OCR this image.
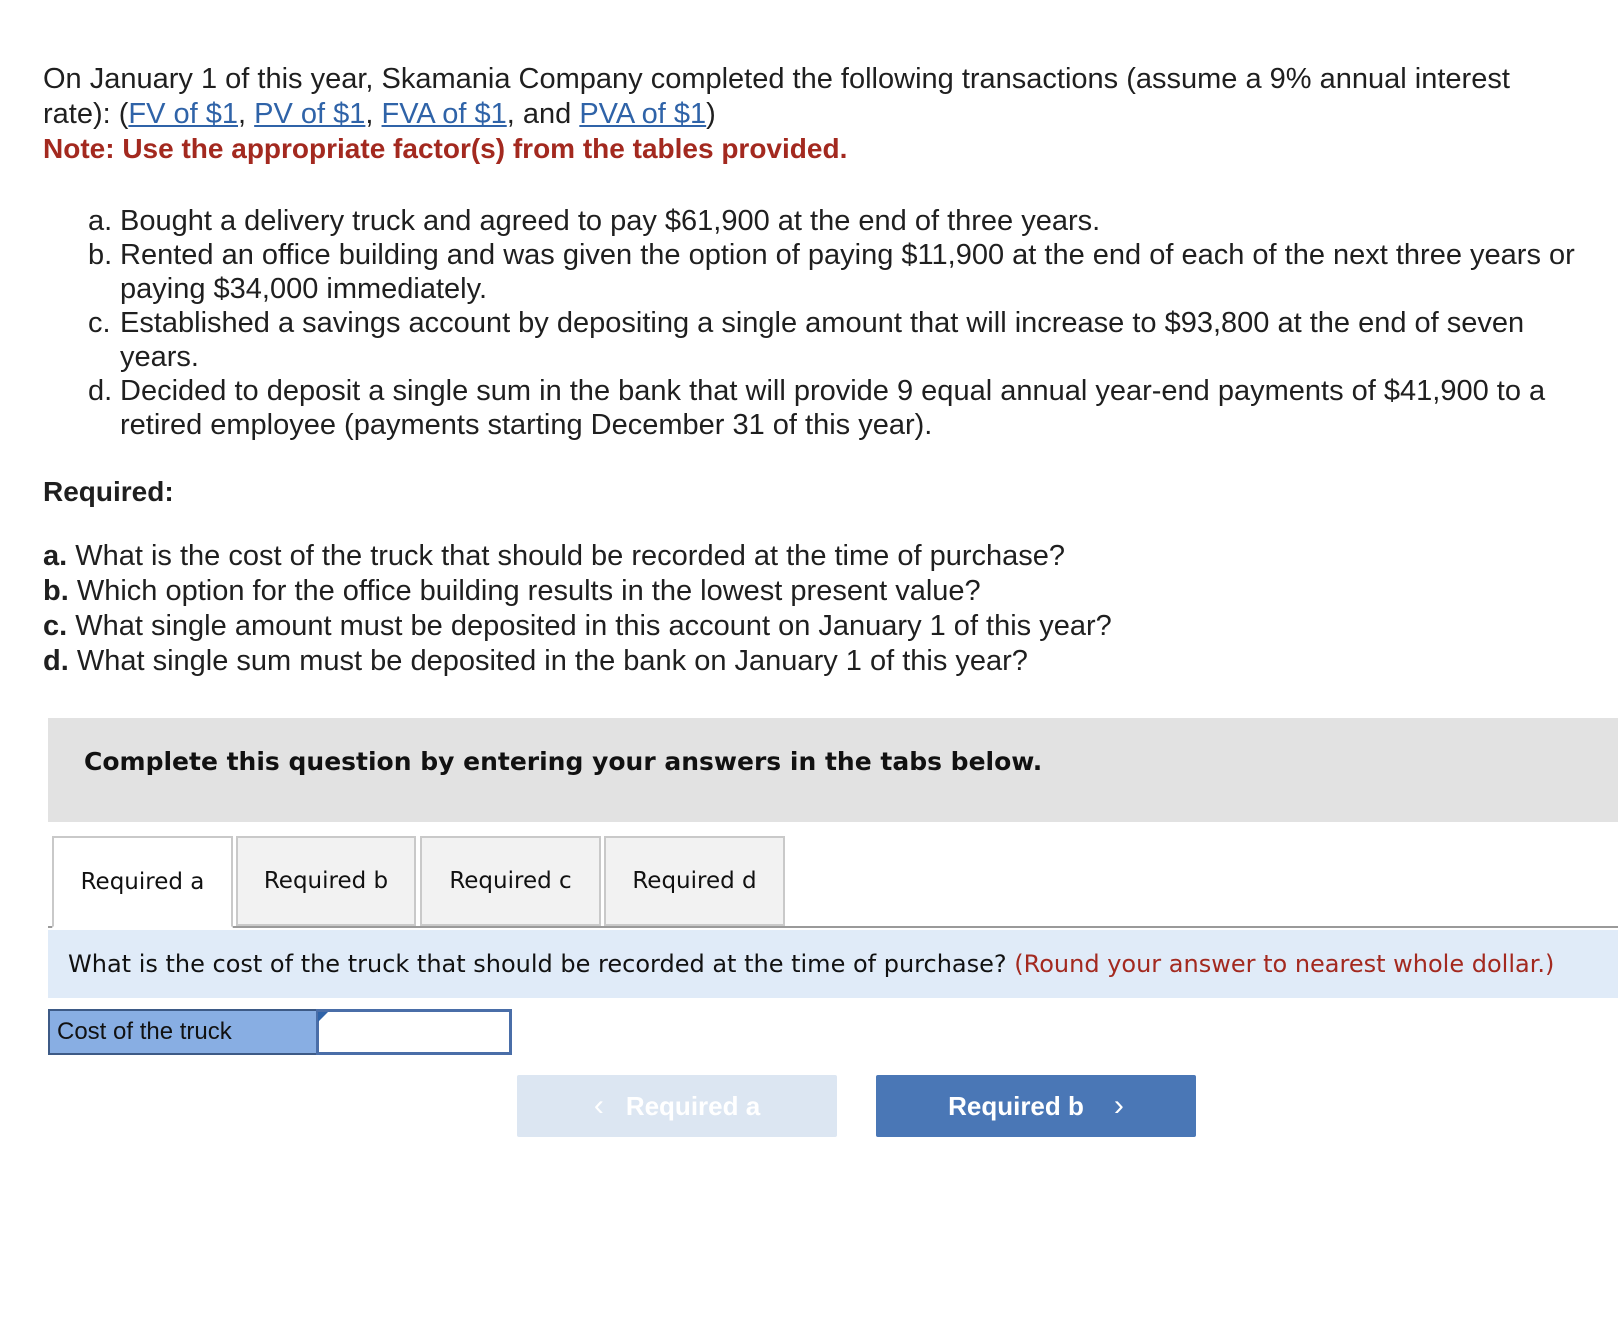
On January 1 of this year, Skamania Company completed the following transactions (assume a 9% annual interest rate): (FV of $1, PV of $1, FVA of $1, and PVA of $1)
Note: Use the appropriate factor(s) from the tables provided.
a. Bought a delivery truck and agreed to pay $61,900 at the end of three years.
b. Rented an office building and was given the option of paying $11,900 at the end of each of the next three years or paying $34,000 immediately.
c. Established a savings account by depositing a single amount that will increase to $93,800 at the end of seven years.
d. Decided to deposit a single sum in the bank that will provide 9 equal annual year-end payments of $41,900 to a retired employee (payments starting December 31 of this year).
Required:
a. What is the cost of the truck that should be recorded at the time of purchase?
b. Which option for the office building results in the lowest present value?
c. What single amount must be deposited in this account on January 1 of this year?
d. What single sum must be deposited in the bank on January 1 of this year?
Complete this question by entering your answers in the tabs below.
Required a	Required b	Required c	Required d
What is the cost of the truck that should be recorded at the time of purchase? (Round your answer to nearest whole dollar.)
Cost of the truck
‹ Required a	Required b ›
